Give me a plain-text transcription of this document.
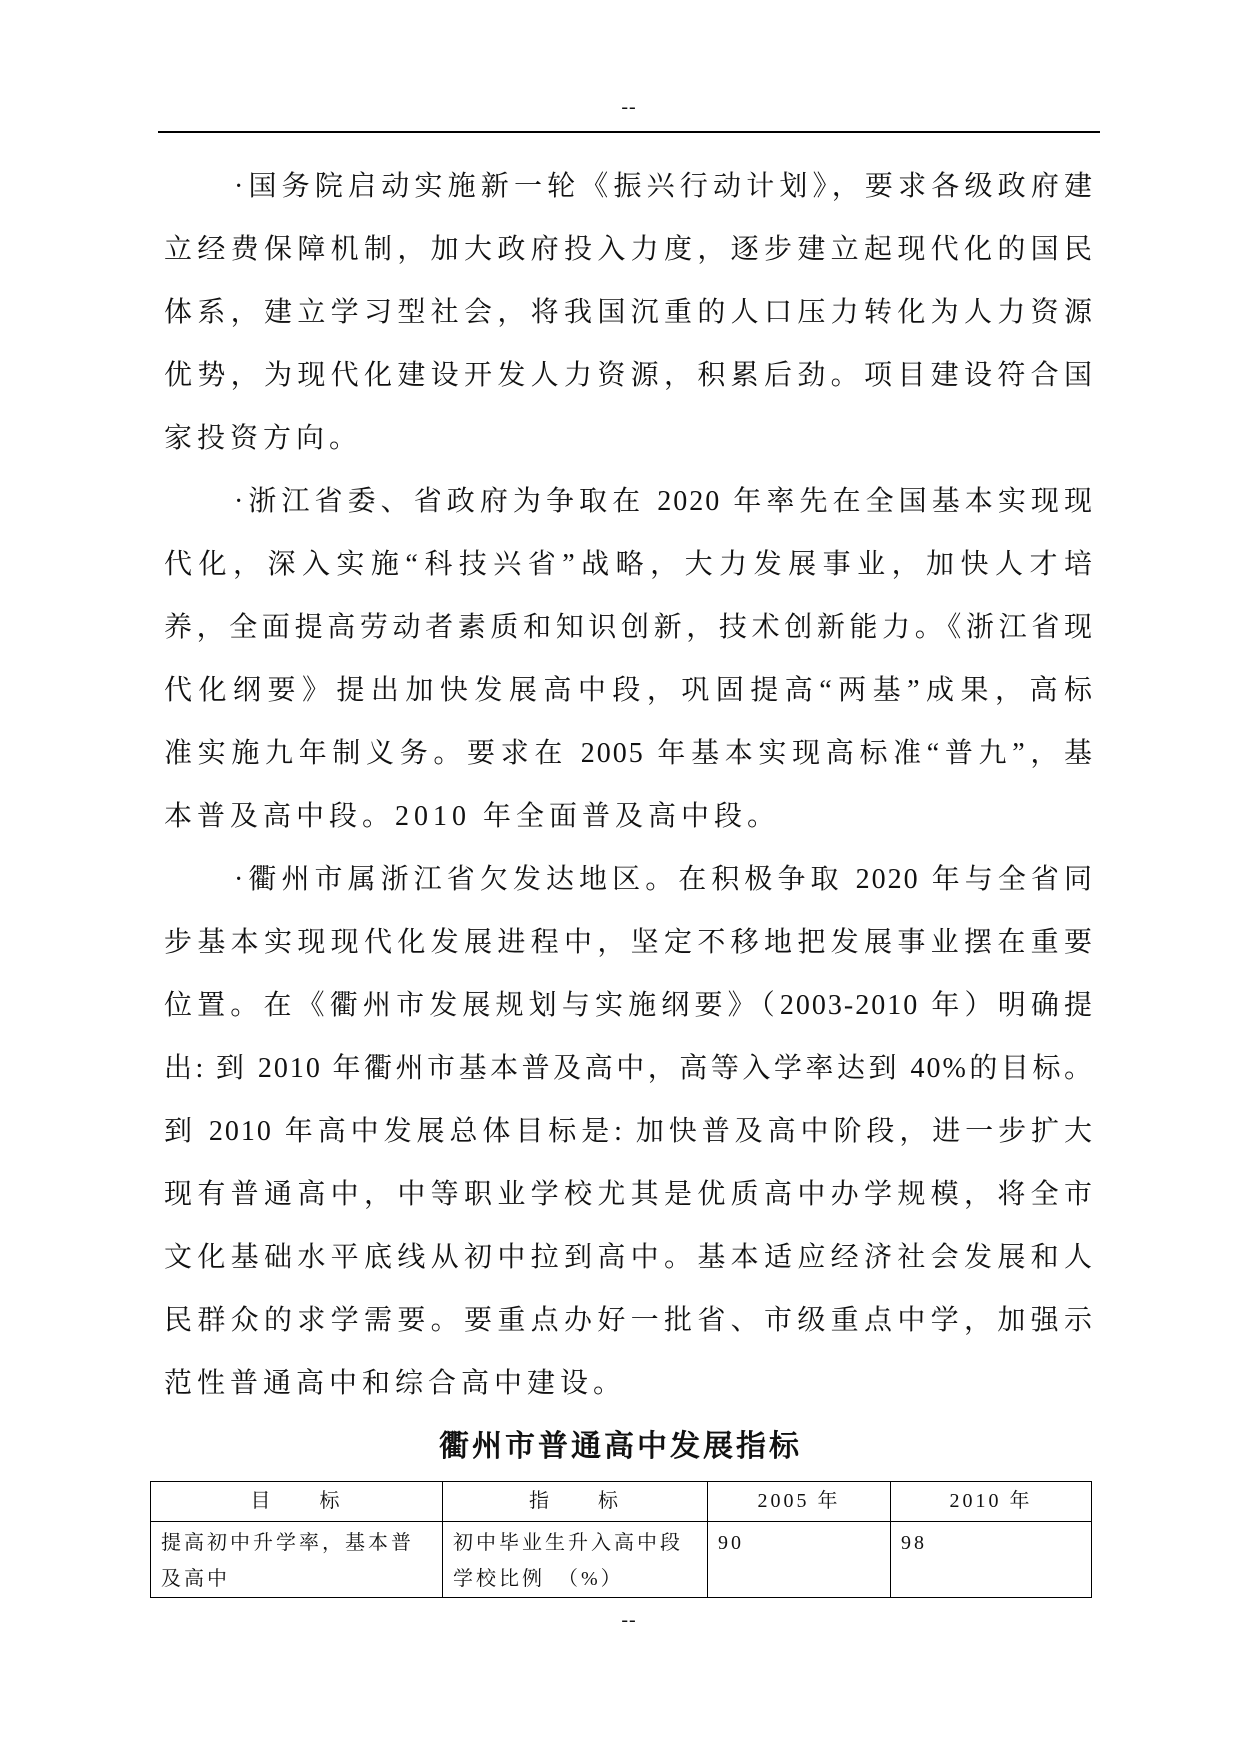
--
·国务院启动实施新一轮《振兴行动计划》，要求各级政府建
立经费保障机制，加大政府投入力度，逐步建立起现代化的国民
体系，建立学习型社会，将我国沉重的人口压力转化为人力资源
优势，为现代化建设开发人力资源，积累后劲。项目建设符合国
家投资方向。
·浙江省委、省政府为争取在 2020 年率先在全国基本实现现
代化，深入实施“科技兴省”战略，大力发展事业，加快人才培
养，全面提高劳动者素质和知识创新，技术创新能力。《浙江省现
代化纲要》提出加快发展高中段，巩固提高“两基”成果，高标
准实施九年制义务。要求在 2005 年基本实现高标准“普九”，基
本普及高中段。2010 年全面普及高中段。
·衢州市属浙江省欠发达地区。在积极争取 2020 年与全省同
步基本实现现代化发展进程中，坚定不移地把发展事业摆在重要
位置。在《衢州市发展规划与实施纲要》（2003-2010 年）明确提
出: 到 2010 年衢州市基本普及高中，高等入学率达到 40%的目标。
到 2010 年高中发展总体目标是: 加快普及高中阶段，进一步扩大
现有普通高中，中等职业学校尤其是优质高中办学规模，将全市
文化基础水平底线从初中拉到高中。基本适应经济社会发展和人
民群众的求学需要。要重点办好一批省、市级重点中学，加强示
范性普通高中和综合高中建设。
衢州市普通高中发展指标
目　　标	指　　标	2005 年	2010 年

提高初中升学率，基本普
及高中	初中毕业生升入高中段
学校比例　（%）	90	98
--
